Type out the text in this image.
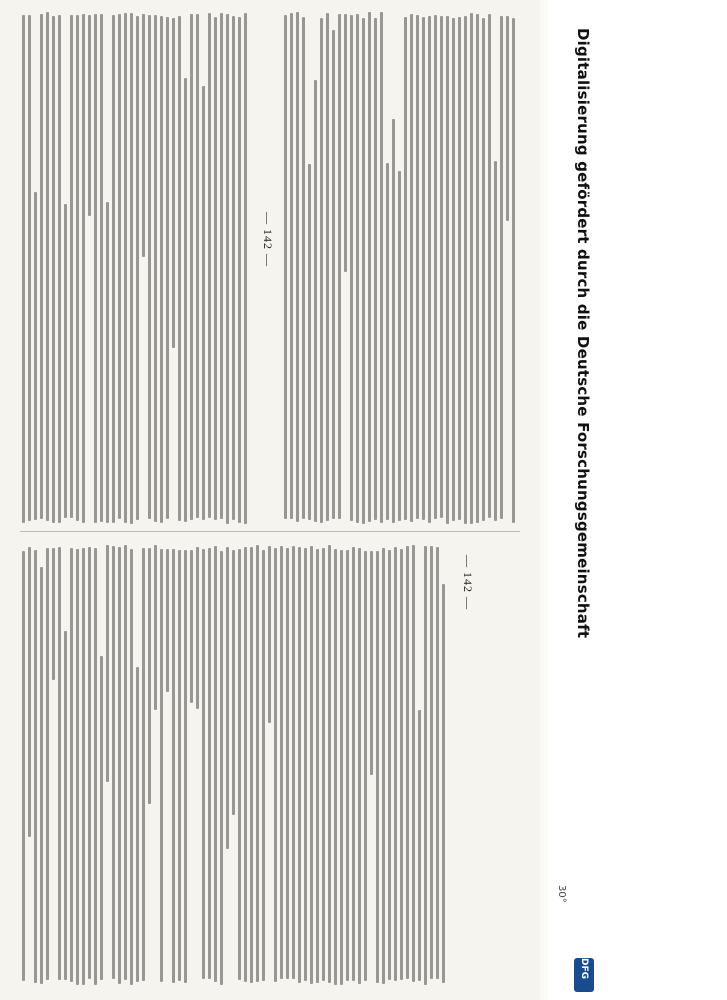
— 142 —
— 142 —	Digitalisierung gefördert durch die Deutsche Forschungsgemeinschaft
30°
DFG
